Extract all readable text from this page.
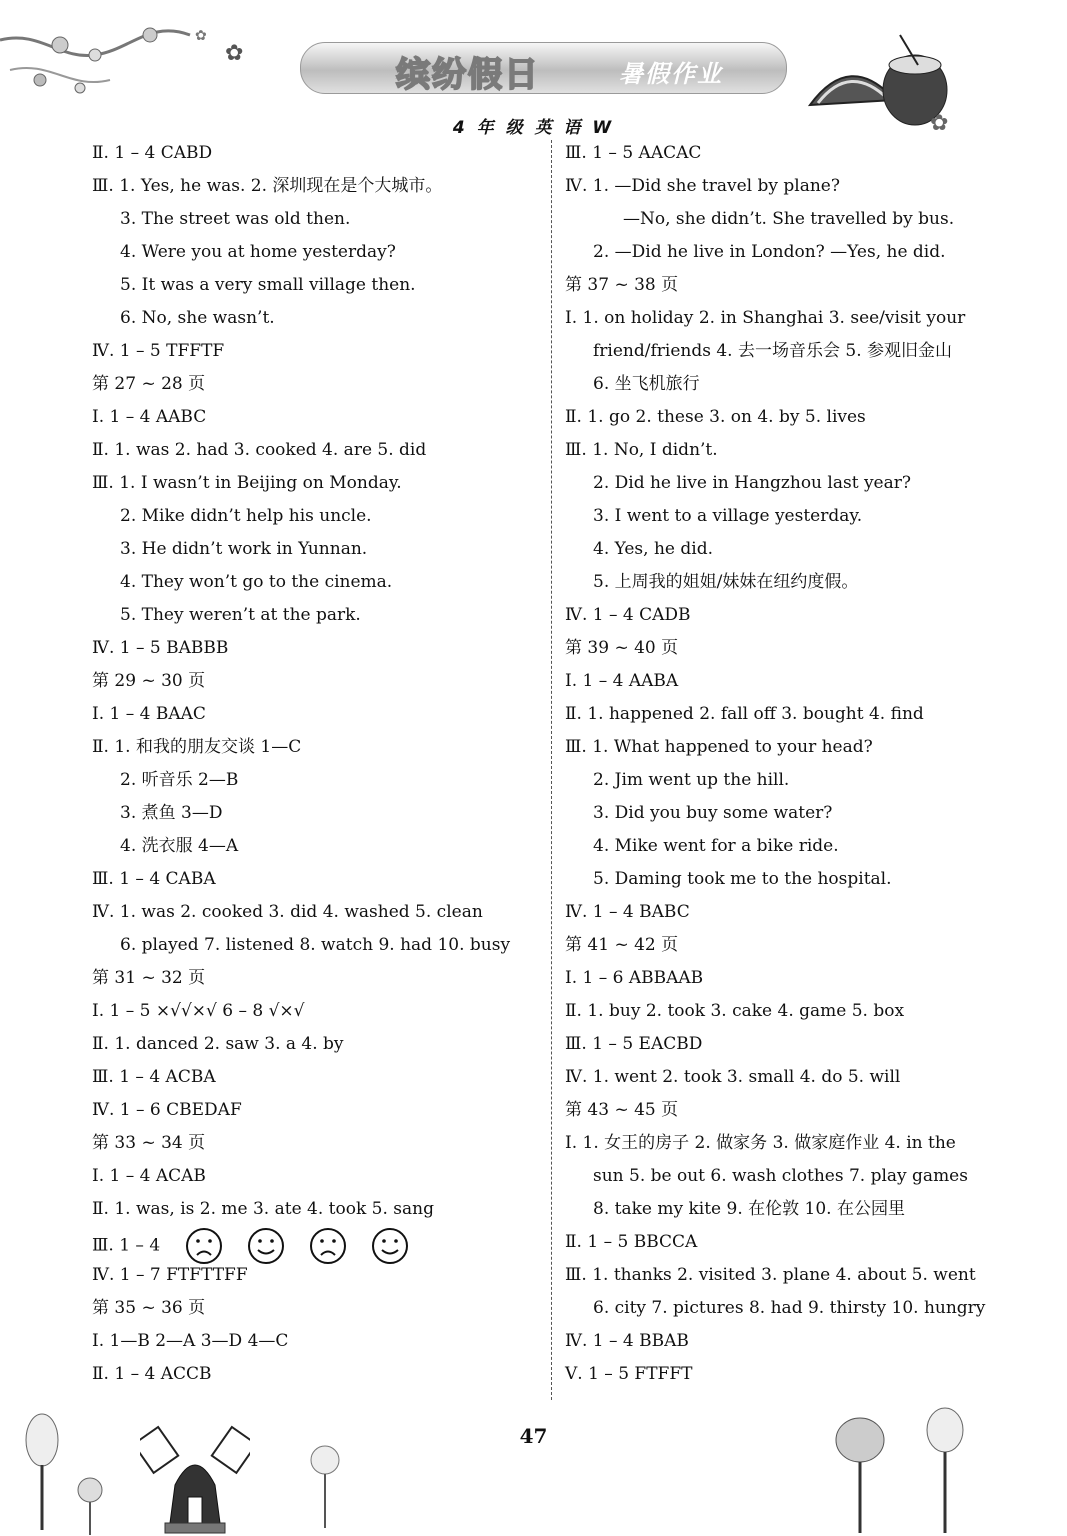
✿
✿
缤纷假日	暑假作业
✿
4 年 级 英 语 W
Ⅱ. 1 – 4 CABD
Ⅲ. 1. Yes, he was. 2. 深圳现在是个大城市。
3. The street was old then.
4. Were you at home yesterday?
5. It was a very small village then.
6. No, she wasn’t.
Ⅳ. 1 – 5 TFFTF
第 27 ~ 28 页
Ⅰ. 1 – 4 AABC
Ⅱ. 1. was 2. had 3. cooked 4. are 5. did
Ⅲ. 1. I wasn’t in Beijing on Monday.
2. Mike didn’t help his uncle.
3. He didn’t work in Yunnan.
4. They won’t go to the cinema.
5. They weren’t at the park.
Ⅳ. 1 – 5 BABBB
第 29 ~ 30 页
Ⅰ. 1 – 4 BAAC
Ⅱ. 1. 和我的朋友交谈 1—C
2. 听音乐 2—B
3. 煮鱼 3—D
4. 洗衣服 4—A
Ⅲ. 1 – 4 CABA
Ⅳ. 1. was 2. cooked 3. did 4. washed 5. clean
6. played 7. listened 8. watch 9. had 10. busy
第 31 ~ 32 页
Ⅰ. 1 – 5 ×√√×√ 6 – 8 √×√
Ⅱ. 1. danced 2. saw 3. a 4. by
Ⅲ. 1 – 4 ACBA
Ⅳ. 1 – 6 CBEDAF
第 33 ~ 34 页
Ⅰ. 1 – 4 ACAB
Ⅱ. 1. was, is 2. me 3. ate 4. took 5. sang
Ⅲ. 1 – 4
Ⅳ. 1 – 7 FTFTTFF
第 35 ~ 36 页
Ⅰ. 1—B 2—A 3—D 4—C
Ⅱ. 1 – 4 ACCB
Ⅲ. 1 – 5 AACAC
Ⅳ. 1. —Did she travel by plane?
—No, she didn’t. She travelled by bus.
2. —Did he live in London? —Yes, he did.
第 37 ~ 38 页
Ⅰ. 1. on holiday 2. in Shanghai 3. see/visit your
friend/friends 4. 去一场音乐会 5. 参观旧金山
6. 坐飞机旅行
Ⅱ. 1. go 2. these 3. on 4. by 5. lives
Ⅲ. 1. No, I didn’t.
2. Did he live in Hangzhou last year?
3. I went to a village yesterday.
4. Yes, he did.
5. 上周我的姐姐/妹妹在纽约度假。
Ⅳ. 1 – 4 CADB
第 39 ~ 40 页
Ⅰ. 1 – 4 AABA
Ⅱ. 1. happened 2. fall off 3. bought 4. find
Ⅲ. 1. What happened to your head?
2. Jim went up the hill.
3. Did you buy some water?
4. Mike went for a bike ride.
5. Daming took me to the hospital.
Ⅳ. 1 – 4 BABC
第 41 ~ 42 页
Ⅰ. 1 – 6 ABBAAB
Ⅱ. 1. buy 2. took 3. cake 4. game 5. box
Ⅲ. 1 – 5 EACBD
Ⅳ. 1. went 2. took 3. small 4. do 5. will
第 43 ~ 45 页
Ⅰ. 1. 女王的房子 2. 做家务 3. 做家庭作业 4. in the
sun 5. be out 6. wash clothes 7. play games
8. take my kite 9. 在伦敦 10. 在公园里
Ⅱ. 1 – 5 BBCCA
Ⅲ. 1. thanks 2. visited 3. plane 4. about 5. went
6. city 7. pictures 8. had 9. thirsty 10. hungry
Ⅳ. 1 – 4 BBAB
Ⅴ. 1 – 5 FTFFT
47
